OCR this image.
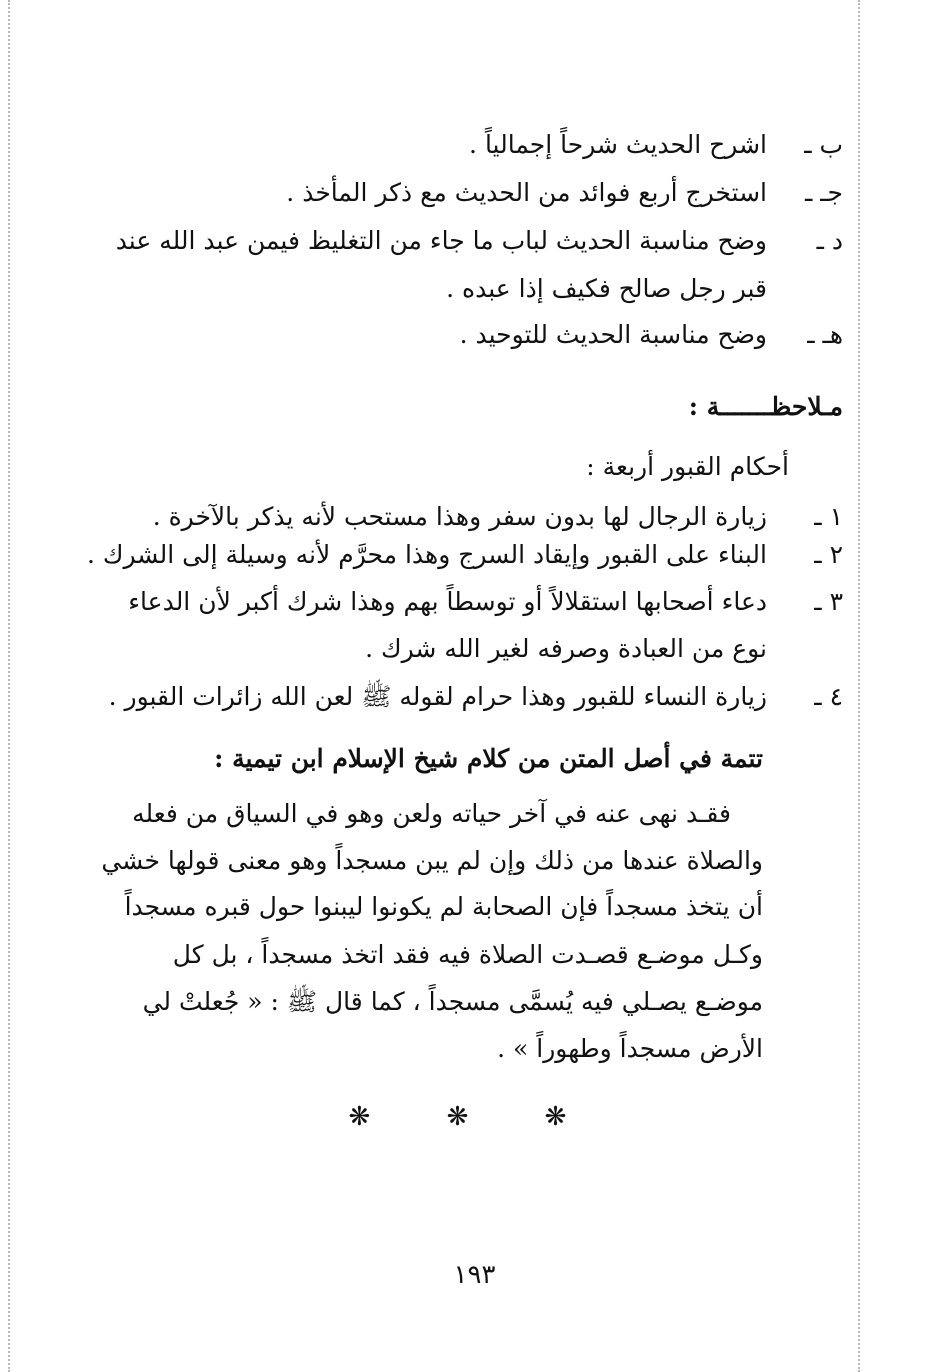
ب ـ
اشرح الحديث شرحاً إجمالياً .
جـ ـ
استخرج أربع فوائد من الحديث مع ذكر المأخذ .
د ـ
وضح مناسبة الحديث لباب ما جاء من التغليظ فيمن عبد الله عند
قبر رجل صالح فكيف إذا عبده .
هـ ـ
وضح مناسبة الحديث للتوحيد .
مـلاحظـــــــة :
أحكام القبور أربعة :
١ ـ
زيارة الرجال لها بدون سفر وهذا مستحب لأنه يذكر بالآخرة .
٢ ـ
البناء على القبور وإيقاد السرج وهذا محرَّم لأنه وسيلة إلى الشرك .
٣ ـ
دعاء أصحابها استقلالاً أو توسطاً بهم وهذا شرك أكبر لأن الدعاء
نوع من العبادة وصرفه لغير الله شرك .
٤ ـ
زيارة النساء للقبور وهذا حرام لقوله ﷺ لعن الله زائرات القبور .
تتمة في أصل المتن من كلام شيخ الإسلام ابن تيمية :
فقـد نهى عنه في آخر حياته ولعن وهو في السياق من فعله
والصلاة عندها من ذلك وإن لم يبن مسجداً وهو معنى قولها خشي
أن يتخذ مسجداً فإن الصحابة لم يكونوا ليبنوا حول قبره مسجداً
وكـل موضـع قصـدت الصلاة فيه فقد اتخذ مسجداً ، بل كل
موضـع يصـلي فيه يُسمَّى مسجداً ، كما قال ﷺ : « جُعلتْ لي
الأرض مسجداً وطهوراً » .
❋ ❋ ❋
١٩٣
